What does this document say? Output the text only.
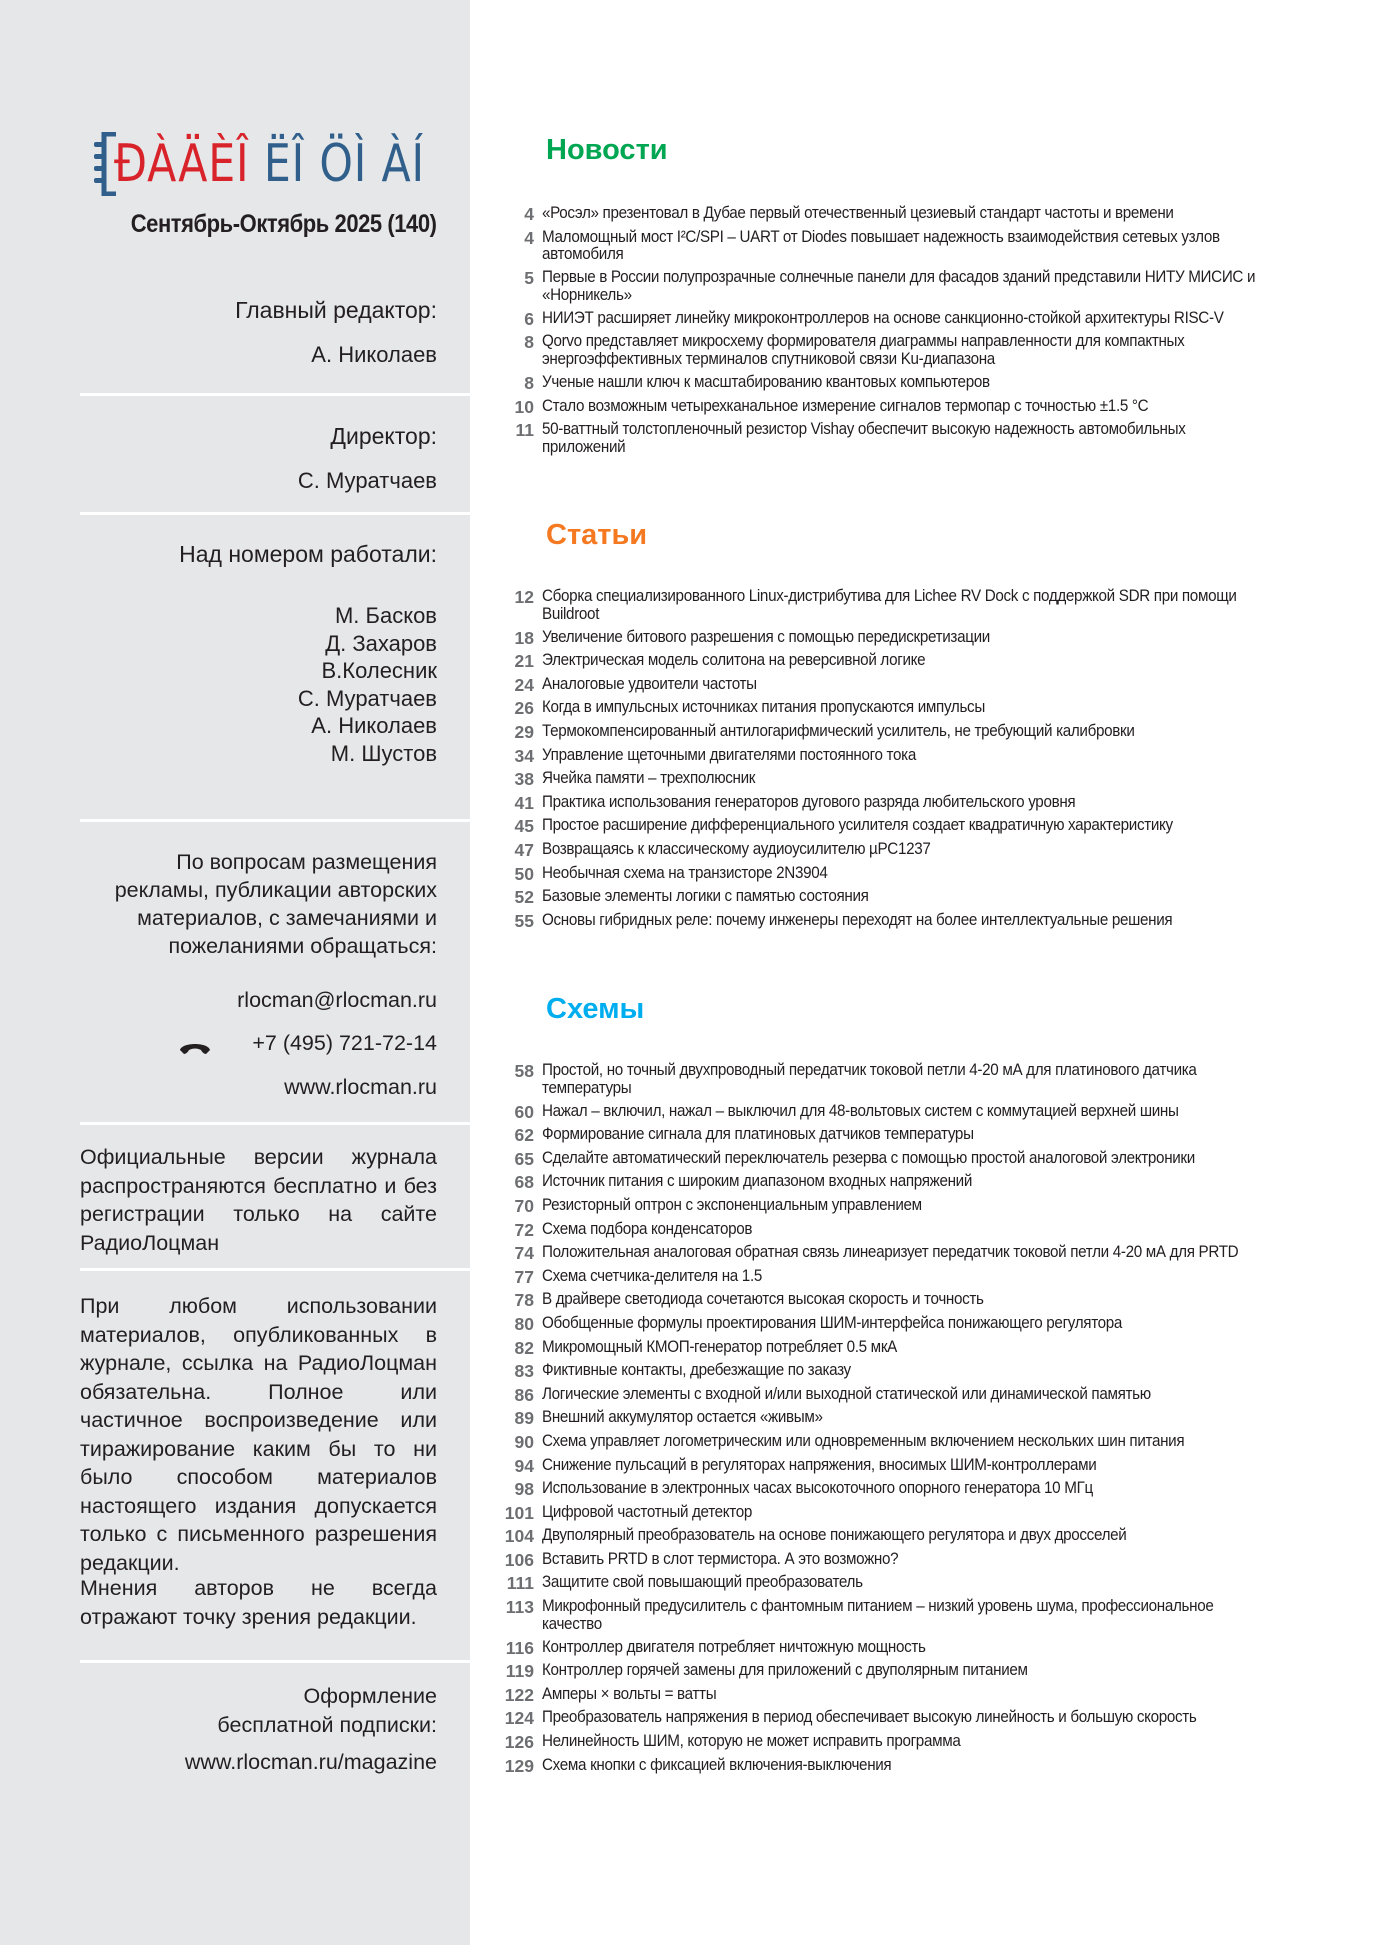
ÐÀÄÈÎ ËÎ ÖÌ ÀÍ
Сентябрь-Октябрь 2025 (140)
Главный редактор:
А. Николаев
Директор:
С. Муратчаев
Над номером работали:
М. Басков
Д. Захаров
В.Колесник
С. Муратчаев
А. Николаев
М. Шустов
По вопросам размещения
рекламы, публикации авторских
материалов, с замечаниями и
пожеланиями обращаться:
rlocman@rlocman.ru
+7 (495) 721-72-14
www.rlocman.ru
Официальные версии журнала распространяются бесплатно и без регистрации только на сайте РадиоЛоцман
При любом использовании материалов, опубликованных в журнале, ссылка на РадиоЛоцман обязательна. Полное или частичное воспроизведение или тиражирование каким бы то ни было способом материалов настоящего издания допускается только с письменного разрешения редакции.
Мнения авторов не всегда отражают точку зрения редакции.
Оформление
бесплатной подписки:
www.rlocman.ru/magazine
Новости
4 «Росэл» презентовал в Дубае первый отечественный цезиевый стандарт частоты и времени
4 Маломощный мост I²C/SPI – UART от Diodes повышает надежность взаимодействия сетевых узлов автомобиля
5 Первые в России полупрозрачные солнечные панели для фасадов зданий представили НИТУ МИСИС и «Норникель»
6 НИИЭТ расширяет линейку микроконтроллеров на основе санкционно-стойкой архитектуры RISC-V
8 Qorvo представляет микросхему формирователя диаграммы направленности для компактных энергоэффективных терминалов спутниковой связи Ku-диапазона
8 Ученые нашли ключ к масштабированию квантовых компьютеров
10 Стало возможным четырехканальное измерение сигналов термопар с точностью ±1.5 °C
11 50-ваттный толстопленочный резистор Vishay обеспечит высокую надежность автомобильных приложений
Статьи
12 Сборка специализированного Linux-дистрибутива для Lichee RV Dock с поддержкой SDR при помощи Buildroot
18 Увеличение битового разрешения с помощью передискретизации
21 Электрическая модель солитона на реверсивной логике
24 Аналоговые удвоители частоты
26 Когда в импульсных источниках питания пропускаются импульсы
29 Термокомпенсированный антилогарифмический усилитель, не требующий калибровки
34 Управление щеточными двигателями постоянного тока
38 Ячейка памяти – трехполюсник
41 Практика использования генераторов дугового разряда любительского уровня
45 Простое расширение дифференциального усилителя создает квадратичную характеристику
47 Возвращаясь к классическому аудиоусилителю µPC1237
50 Необычная схема на транзисторе 2N3904
52 Базовые элементы логики с памятью состояния
55 Основы гибридных реле: почему инженеры переходят на более интеллектуальные решения
Схемы
58 Простой, но точный двухпроводный передатчик токовой петли 4-20 мА для платинового датчика температуры
60 Нажал – включил, нажал – выключил для 48-вольтовых систем с коммутацией верхней шины
62 Формирование сигнала для платиновых датчиков температуры
65 Сделайте автоматический переключатель резерва с помощью простой аналоговой электроники
68 Источник питания с широким диапазоном входных напряжений
70 Резисторный оптрон с экспоненциальным управлением
72 Схема подбора конденсаторов
74 Положительная аналоговая обратная связь линеаризует передатчик токовой петли 4-20 мА для PRTD
77 Схема счетчика-делителя на 1.5
78 В драйвере светодиода сочетаются высокая скорость и точность
80 Обобщенные формулы проектирования ШИМ-интерфейса понижающего регулятора
82 Микромощный КМОП-генератор потребляет 0.5 мкА
83 Фиктивные контакты, дребезжащие по заказу
86 Логические элементы с входной и/или выходной статической или динамической памятью
89 Внешний аккумулятор остается «живым»
90 Схема управляет логометрическим или одновременным включением нескольких шин питания
94 Снижение пульсаций в регуляторах напряжения, вносимых ШИМ-контроллерами
98 Использование в электронных часах высокоточного опорного генератора 10 МГц
101 Цифровой частотный детектор
104 Двуполярный преобразователь на основе понижающего регулятора и двух дросселей
106 Вставить PRTD в слот термистора. А это возможно?
111 Защитите свой повышающий преобразователь
113 Микрофонный предусилитель с фантомным питанием – низкий уровень шума, профессиональное качество
116 Контроллер двигателя потребляет ничтожную мощность
119 Контроллер горячей замены для приложений с двуполярным питанием
122 Амперы × вольты = ватты
124 Преобразователь напряжения в период обеспечивает высокую линейность и большую скорость
126 Нелинейность ШИМ, которую не может исправить программа
129 Схема кнопки с фиксацией включения-выключения
